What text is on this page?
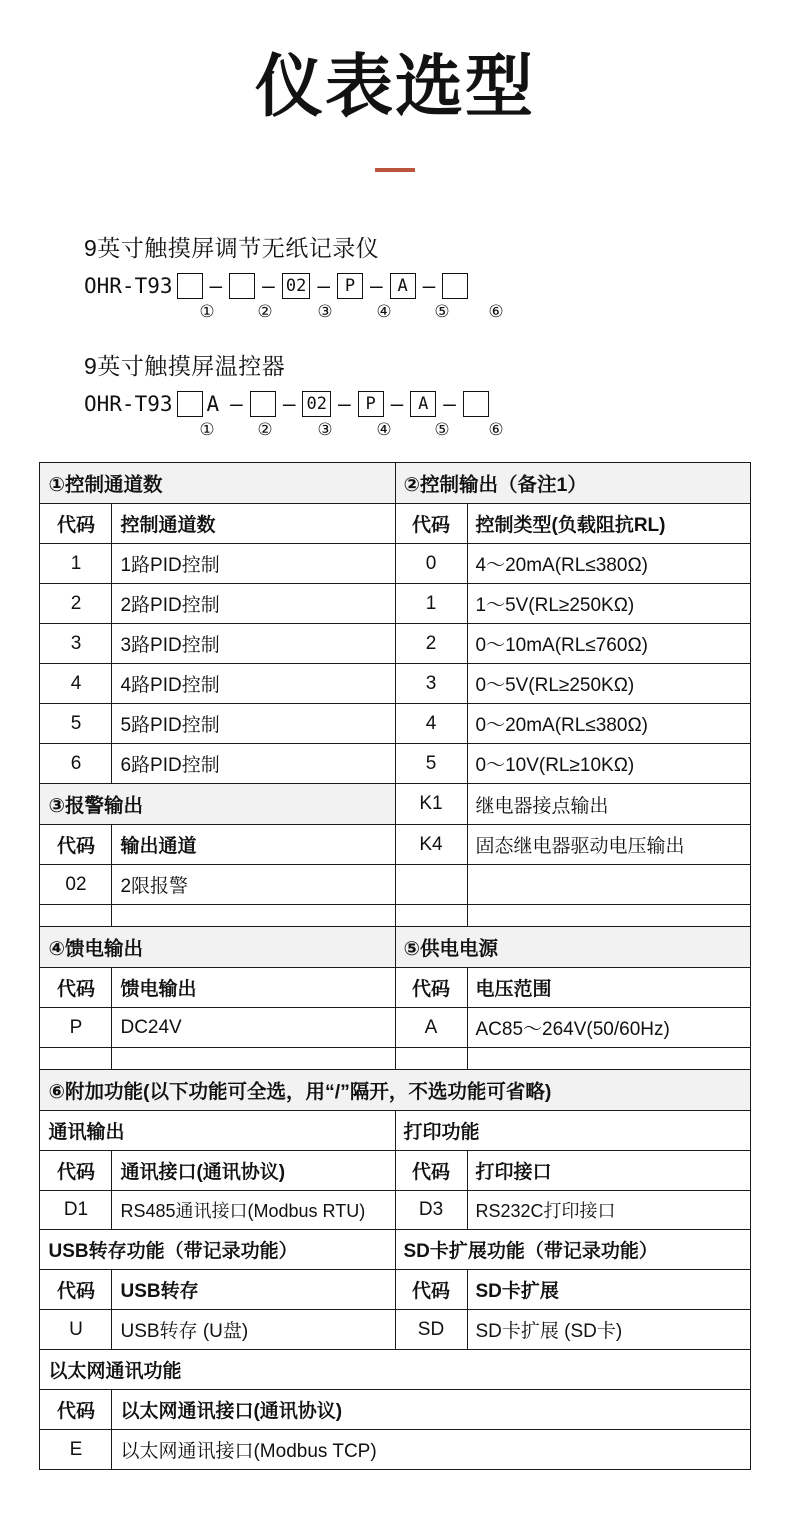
仪表选型
9英寸触摸屏调节无纸记录仪
OHR-T93	–	– 02 – P – A –
①	②	③	④	⑤	⑥
9英寸触摸屏温控器
OHR-T93 A –	– 02 – P – A –
①	②	③	④	⑤	⑥
①控制通道数		②控制输出（备注1）	
代码	控制通道数	代码	控制类型(负载阻抗RL)
1	1路PID控制	0	4〜20mA(RL≤380Ω)
2	2路PID控制	1	1〜5V(RL≥250KΩ)
3	3路PID控制	2	0〜10mA(RL≤760Ω)
4	4路PID控制	3	0〜5V(RL≥250KΩ)
5	5路PID控制	4	0〜20mA(RL≤380Ω)
6	6路PID控制	5	0〜10V(RL≥10KΩ)
③报警输出		K1	继电器接点输出
代码	输出通道	K4	固态继电器驱动电压输出
02	2限报警		

④馈电输出		⑤供电电源	
代码	馈电输出	代码	电压范围
P	DC24V	A	AC85〜264V(50/60Hz)

⑥附加功能(以下功能可全选，用“/”隔开，不选功能可省略)			
通讯输出		打印功能	
代码	通讯接口(通讯协议)	代码	打印接口
D1	RS485通讯接口(Modbus RTU)	D3	RS232C打印接口
USB转存功能（带记录功能）		SD卡扩展功能（带记录功能）	
代码	USB转存	代码	SD卡扩展
U	USB转存 (U盘)	SD	SD卡扩展 (SD卡)
以太网通讯功能			
代码	以太网通讯接口(通讯协议)		
E	以太网通讯接口(Modbus TCP)		
